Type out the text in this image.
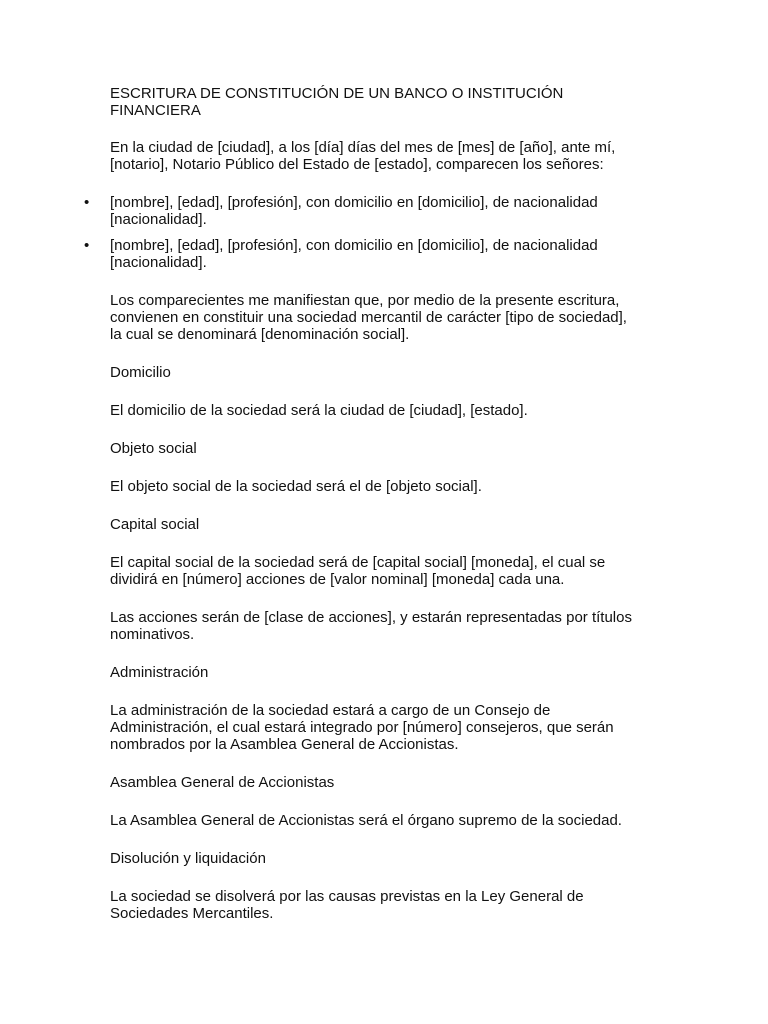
ESCRITURA DE CONSTITUCIÓN DE UN BANCO O INSTITUCIÓN
FINANCIERA

En la ciudad de [ciudad], a los [día] días del mes de [mes] de [año], ante mí,
[notario], Notario Público del Estado de [estado], comparecen los señores:

• [nombre], [edad], [profesión], con domicilio en [domicilio], de nacionalidad
[nacionalidad].
• [nombre], [edad], [profesión], con domicilio en [domicilio], de nacionalidad
[nacionalidad].

Los comparecientes me manifiestan que, por medio de la presente escritura,
convienen en constituir una sociedad mercantil de carácter [tipo de sociedad],
la cual se denominará [denominación social].

Domicilio

El domicilio de la sociedad será la ciudad de [ciudad], [estado].

Objeto social

El objeto social de la sociedad será el de [objeto social].

Capital social

El capital social de la sociedad será de [capital social] [moneda], el cual se
dividirá en [número] acciones de [valor nominal] [moneda] cada una.

Las acciones serán de [clase de acciones], y estarán representadas por títulos
nominativos.

Administración

La administración de la sociedad estará a cargo de un Consejo de
Administración, el cual estará integrado por [número] consejeros, que serán
nombrados por la Asamblea General de Accionistas.

Asamblea General de Accionistas

La Asamblea General de Accionistas será el órgano supremo de la sociedad.

Disolución y liquidación

La sociedad se disolverá por las causas previstas en la Ley General de
Sociedades Mercantiles.
